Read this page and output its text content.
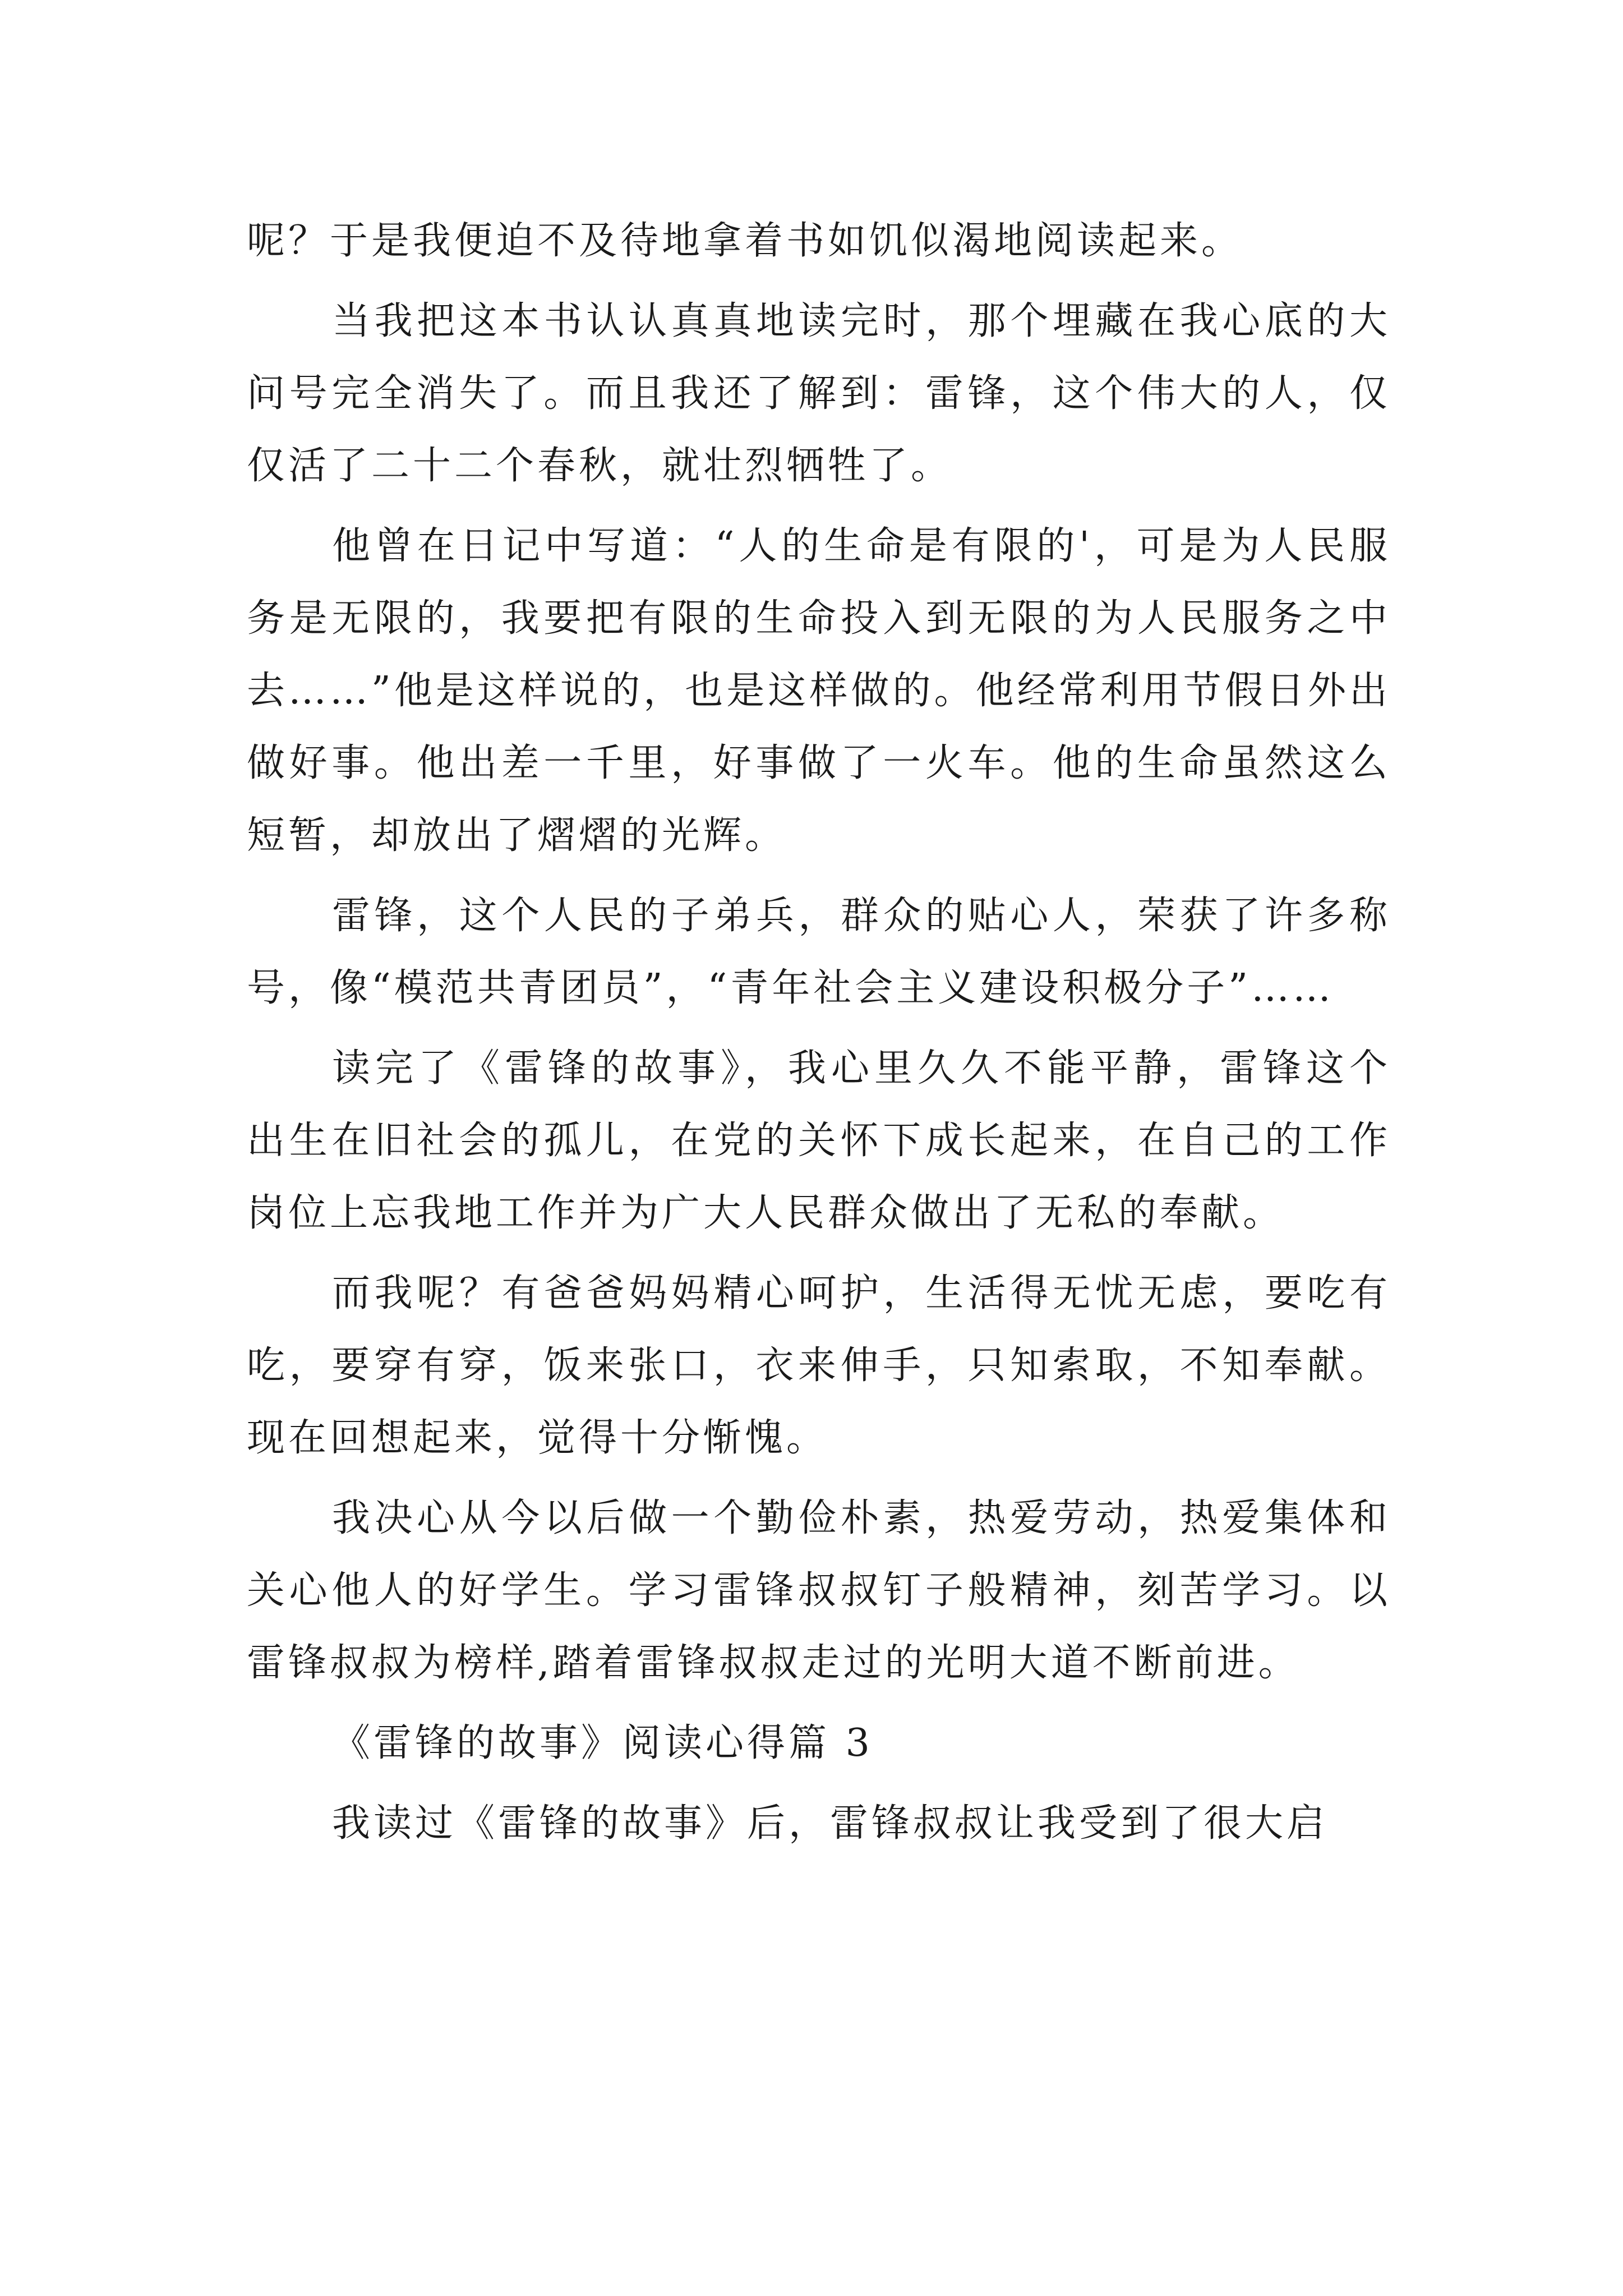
呢？于是我便迫不及待地拿着书如饥似渴地阅读起来。

当我把这本书认认真真地读完时，那个埋藏在我心底的大问号完全消失了。而且我还了解到：雷锋，这个伟大的人，仅仅活了二十二个春秋，就壮烈牺牲了。

他曾在日记中写道：“人的生命是有限的'，可是为人民服务是无限的，我要把有限的生命投入到无限的为人民服务之中去……”他是这样说的，也是这样做的。他经常利用节假日外出做好事。他出差一千里，好事做了一火车。他的生命虽然这么短暂，却放出了熠熠的光辉。

雷锋，这个人民的子弟兵，群众的贴心人，荣获了许多称号，像“模范共青团员”，“青年社会主义建设积极分子”……

读完了《雷锋的故事》，我心里久久不能平静，雷锋这个出生在旧社会的孤儿，在党的关怀下成长起来，在自己的工作岗位上忘我地工作并为广大人民群众做出了无私的奉献。

而我呢？有爸爸妈妈精心呵护，生活得无忧无虑，要吃有吃，要穿有穿，饭来张口，衣来伸手，只知索取，不知奉献。现在回想起来，觉得十分惭愧。

我决心从今以后做一个勤俭朴素，热爱劳动，热爱集体和关心他人的好学生。学习雷锋叔叔钉子般精神，刻苦学习。以雷锋叔叔为榜样,踏着雷锋叔叔走过的光明大道不断前进。

《雷锋的故事》阅读心得篇 3

我读过《雷锋的故事》后，雷锋叔叔让我受到了很大启
